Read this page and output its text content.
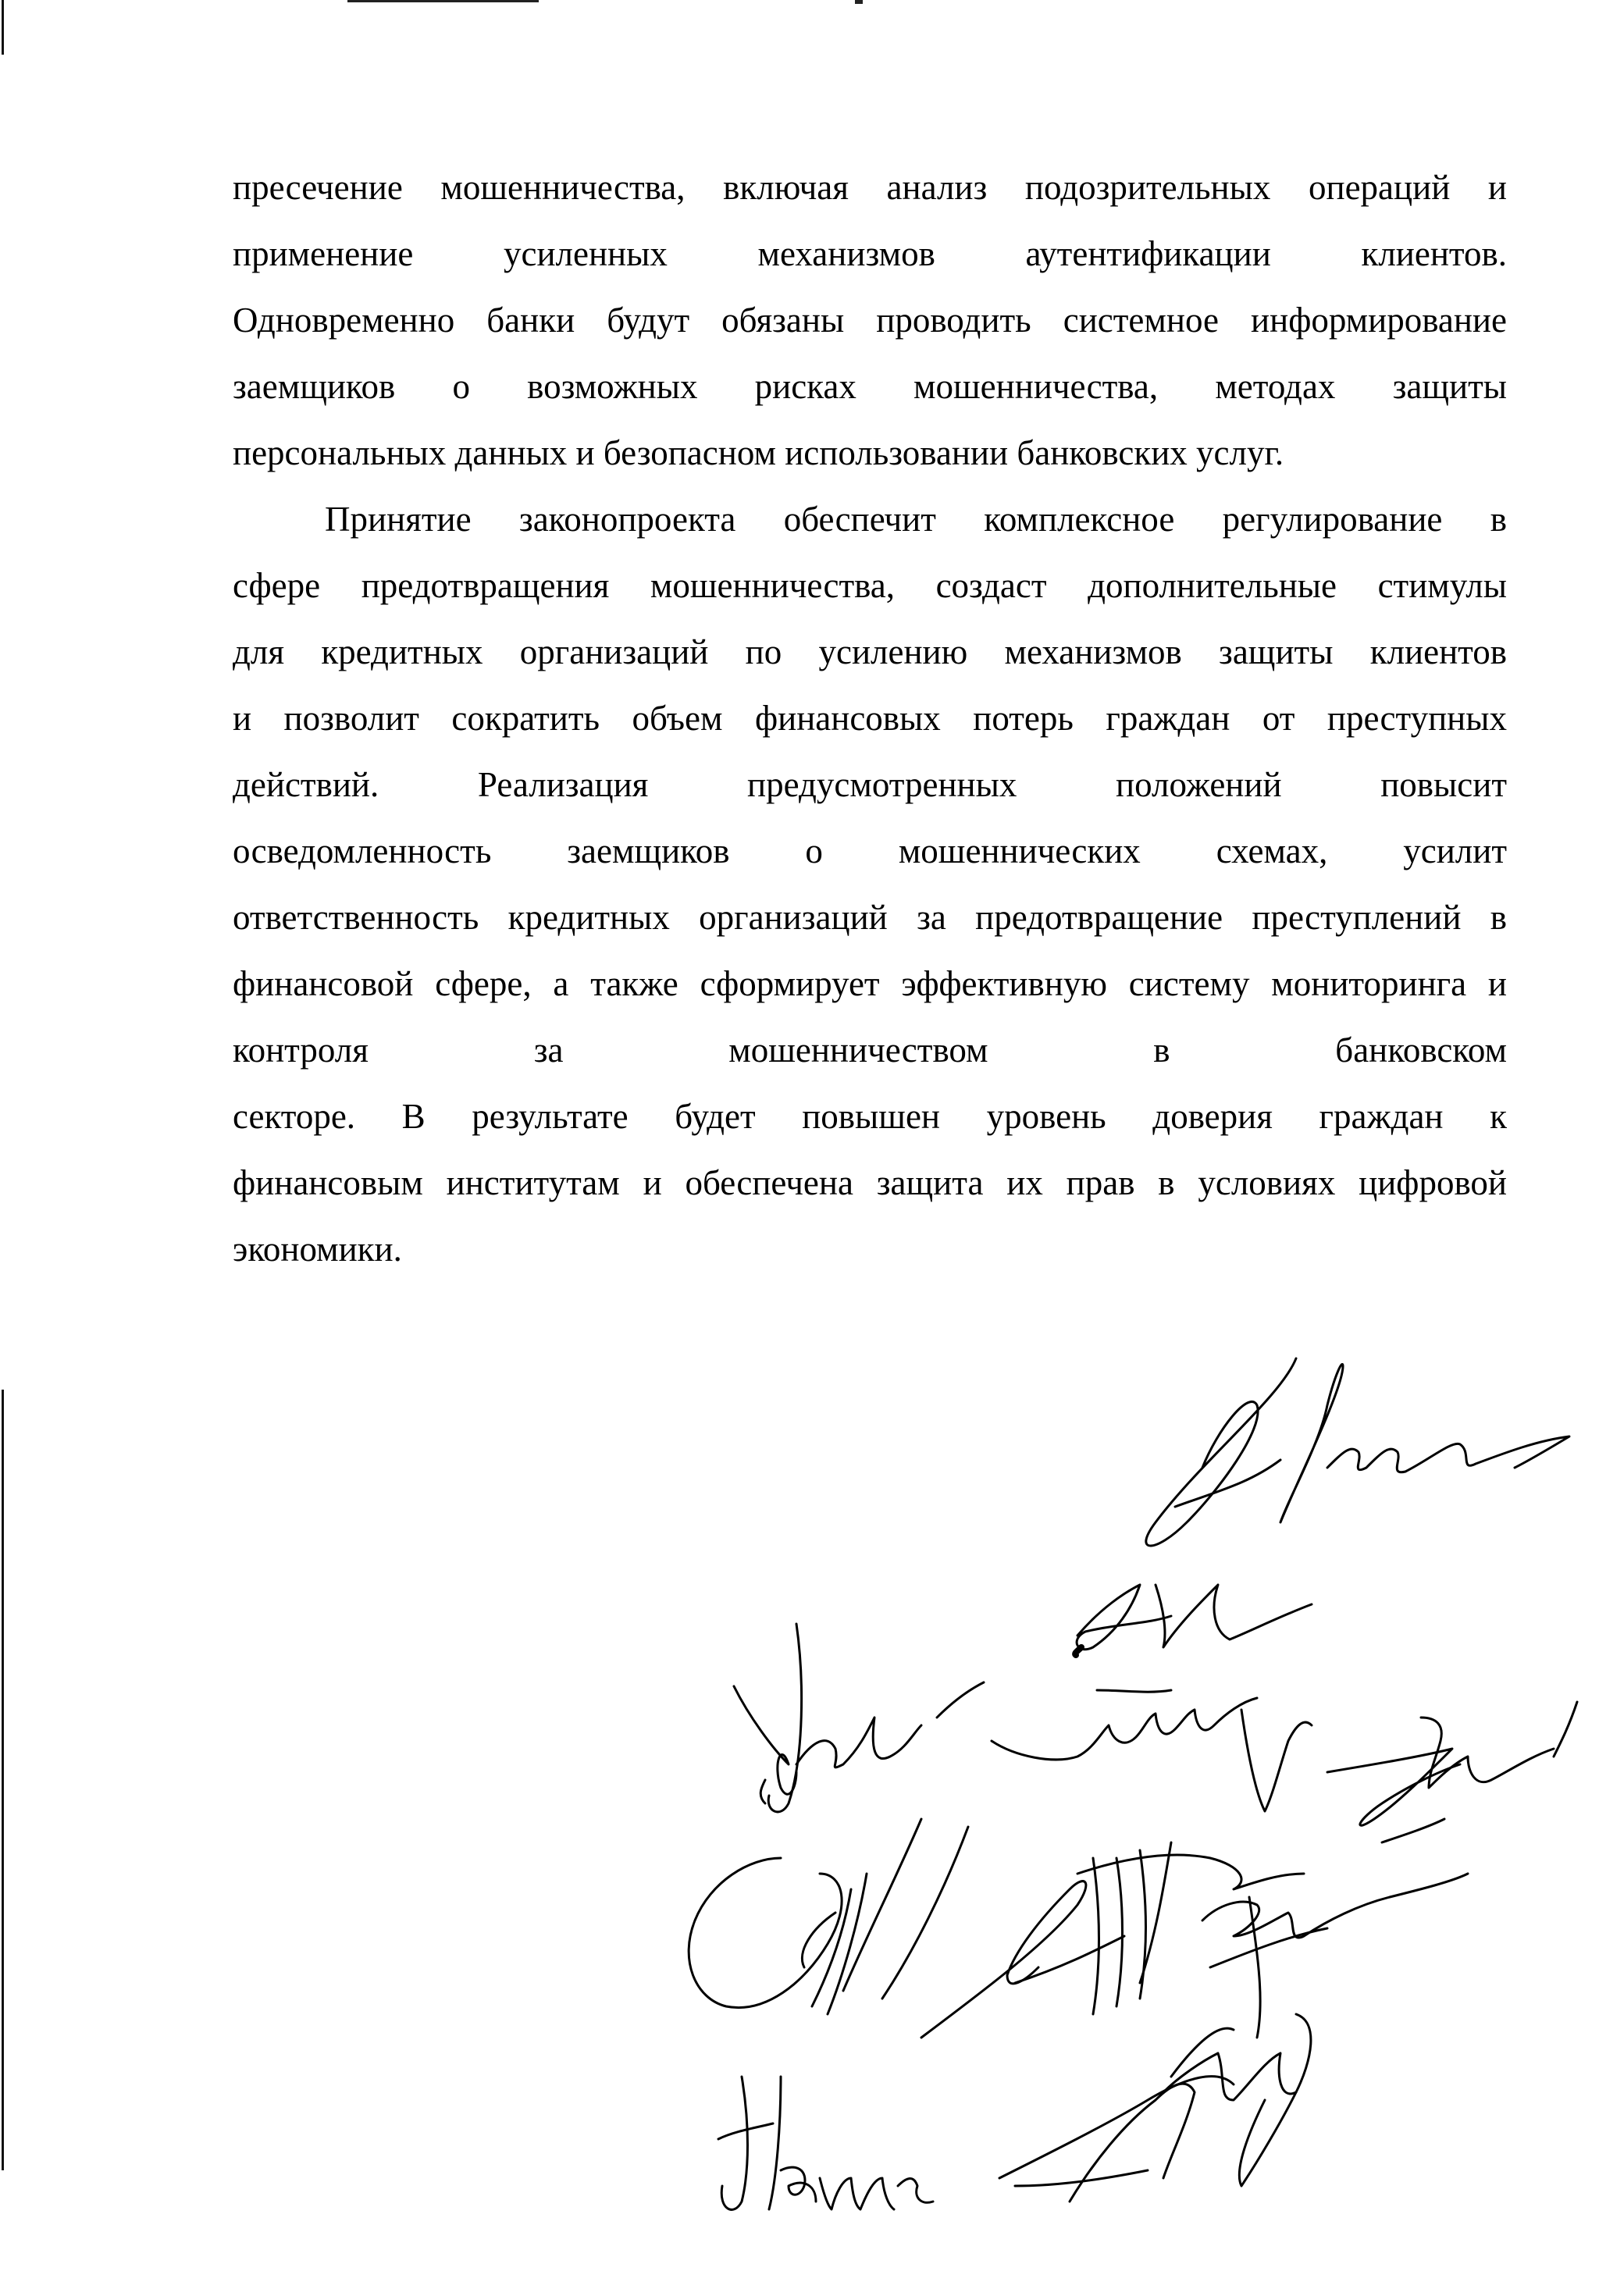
пресечение мошенничества, включая анализ подозрительных операций и
применение усиленных механизмов аутентификации клиентов.
Одновременно банки будут обязаны проводить системное информирование
заемщиков о возможных рисках мошенничества, методах защиты
персональных данных и безопасном использовании банковских услуг.

Принятие законопроекта обеспечит комплексное регулирование в
сфере предотвращения мошенничества, создаст дополнительные стимулы
для кредитных организаций по усилению механизмов защиты клиентов
и позволит сократить объем финансовых потерь граждан от преступных
действий. Реализация предусмотренных положений повысит
осведомленность заемщиков о мошеннических схемах, усилит
ответственность кредитных организаций за предотвращение преступлений в
финансовой сфере, а также сформирует эффективную систему мониторинга и
контроля за мошенничеством в банковском
секторе. В результате будет повышен уровень доверия граждан к
финансовым институтам и обеспечена защита их прав в условиях цифровой
экономики.
